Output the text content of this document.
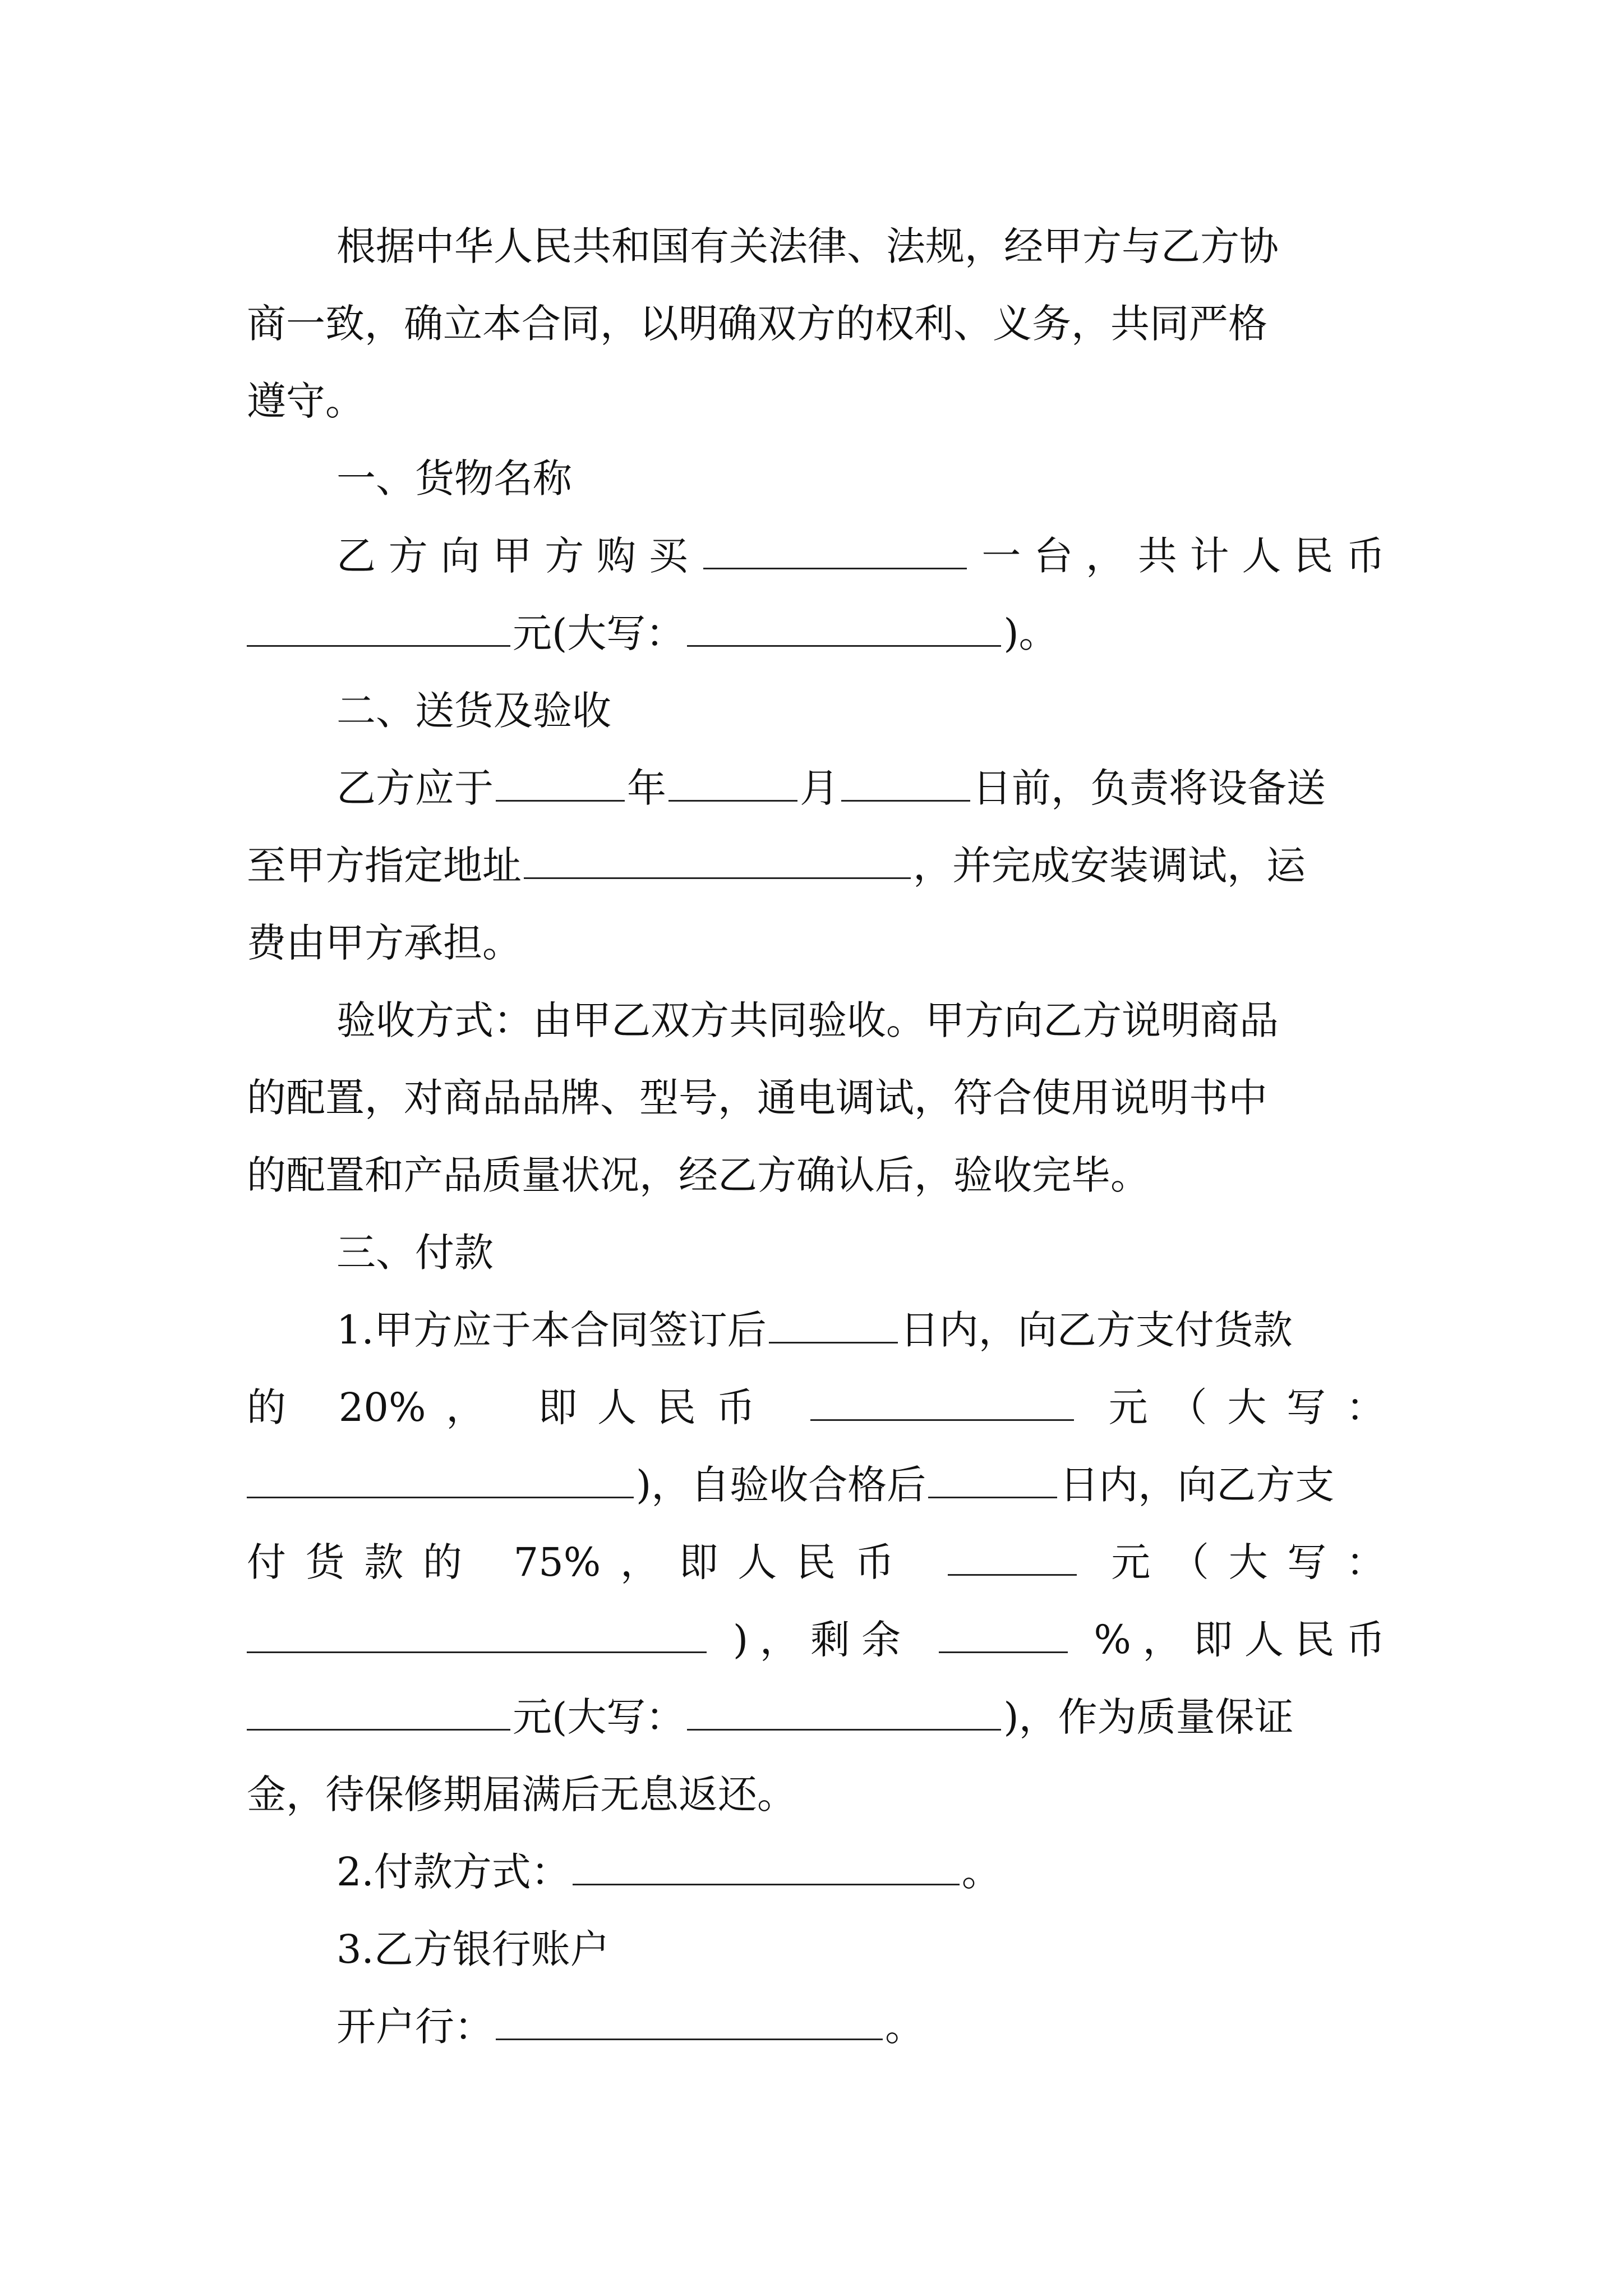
根据中华人民共和国有关法律、法规，经甲方与乙方协
商一致，确立本合同，以明确双方的权利、义务，共同严格
遵守。
一、货物名称
乙方向甲方购买	一台，共计人民币
元(大写：	)。
二、送货及验收
乙方应于	年	月	日前，负责将设备送
至甲方指定地址	，并完成安装调试，运
费由甲方承担。
验收方式：由甲乙双方共同验收。甲方向乙方说明商品
的配置，对商品品牌、型号，通电调试，符合使用说明书中
的配置和产品质量状况，经乙方确认后，验收完毕。
三、付款
1.甲方应于本合同签订后	日内，向乙方支付货款
的 20%， 即人民币	元（大写：
)，自验收合格后	日内，向乙方支
付货款的 75%，即人民币	元（大写：
)，剩余	%，即人民币
元(大写：	)，作为质量保证
金，待保修期届满后无息返还。
2.付款方式：	。
3.乙方银行账户
开户行：	。
